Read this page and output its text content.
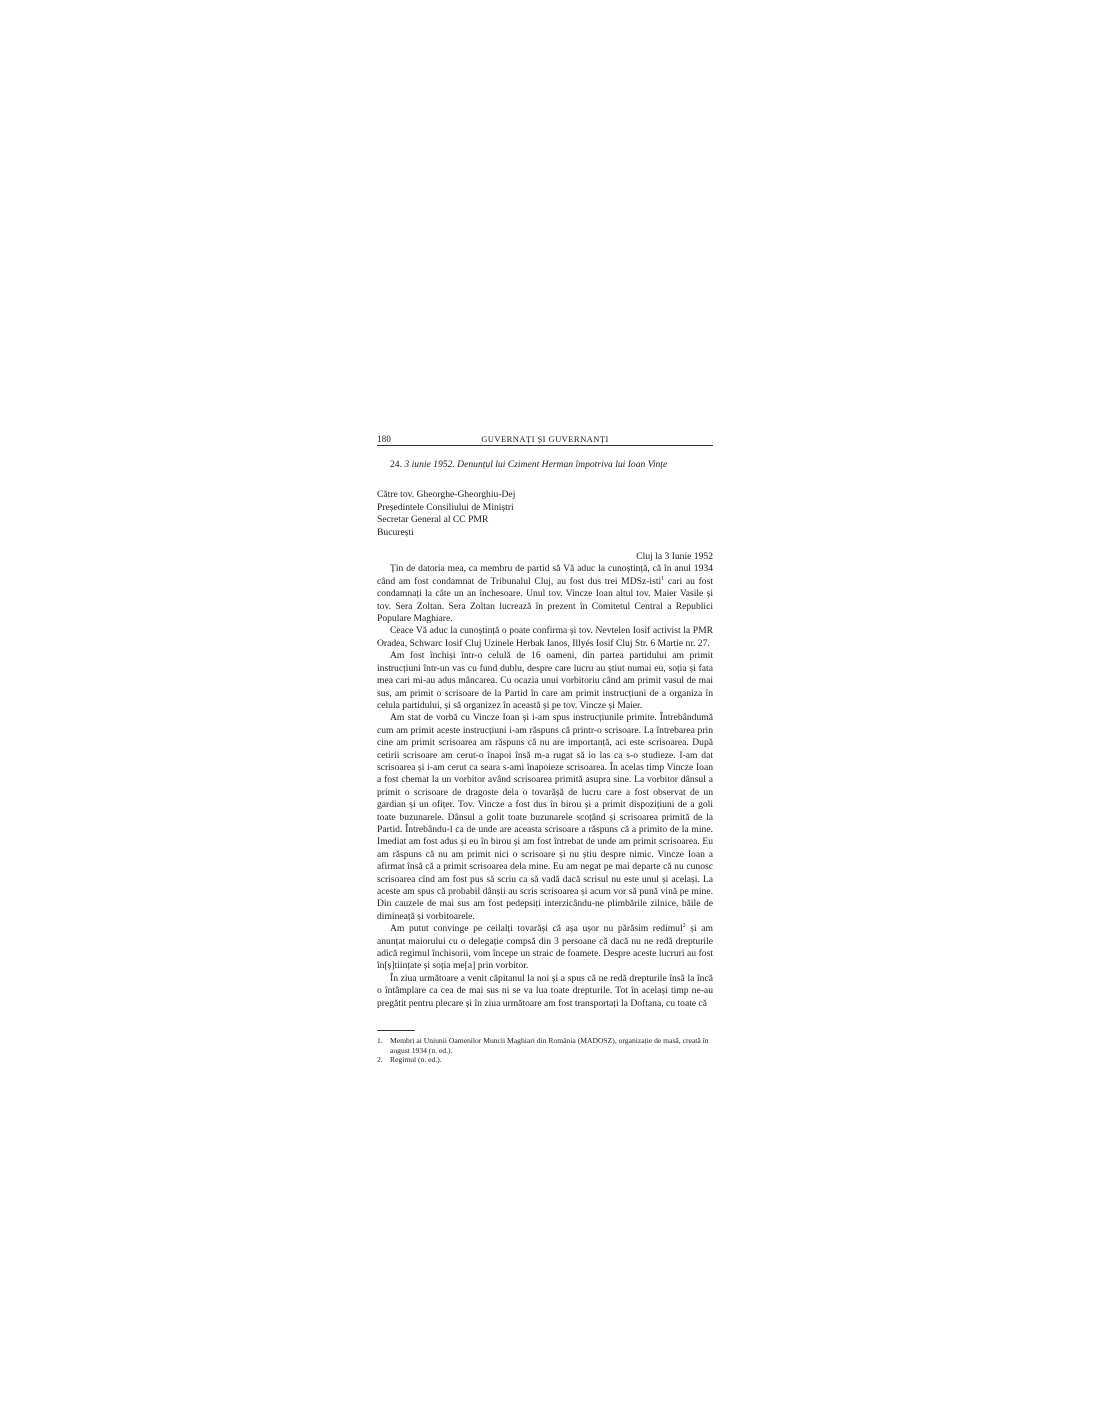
180	GUVERNAȚI ȘI GUVERNANȚI
24. 3 iunie 1952. Denunțul lui Cziment Herman împotriva lui Ioan Vințe
Către tov. Gheorghe-Gheorghiu-Dej
Președintele Consiliului de Miniștri
Secretar General al CC PMR
București
Cluj la 3 Iunie 1952

Țin de datoria mea, ca membru de partid să Vă aduc la cunoștință, că în anul 1934 când am fost condamnat de Tribunalul Cluj, au fost dus trei MDSz-isti$^1$ cari au fost condamnați la câte un an închesoare. Unul tov. Vincze Ioan altul tov. Maier Vasile și tov. Sera Zoltan. Sera Zoltan lucrează în prezent în Comitetul Central a Republici Populare Maghiare.

Ceace Vă aduc la cunoștință o poate confirma și tov. Nevtelen Iosif activist la PMR Oradea, Schwarc Iosif Cluj Uzinele Herbak Ianos, Illyés Iosif Cluj Str. 6 Martie nr. 27.

Am fost închiși într-o celulă de 16 oameni, din partea partidului am primit instrucțiuni într-un vas cu fund dublu, despre care lucru au știut numai eu, soția și fata mea cari mi-au adus mâncarea. Cu ocazia unui vorbitoriu când am primit vasul de mai sus, am primit o scrisoare de la Partid în care am primit instrucțiuni de a organiza în celula partidului, și să organizez în această și pe tov. Vincze și Maier.

Am stat de vorbă cu Vincze Ioan și i-am spus instrucțiunile primite. Întrebândumă cum am primit aceste instrucțiuni i-am răspuns că printr-o scrisoare. La întrebarea prin cine am primit scrisoarea am răspuns că nu are importanță, aci este scrisoarea. După cetirii scrisoare am cerut-o înapoi însă m-a rugat să io las ca s-o studieze. I-am dat scrisoarea și i-am cerut ca seara s-ami înapoieze scrisoarea. În acelas timp Vincze Ioan a fost chemat la un vorbitor având scrisoarea primită asupra sine. La vorbitor dânsul a primit o scrisoare de dragoste dela o tovarășă de lucru care a fost observat de un gardian și un ofițer. Tov. Vincze a fost dus în birou și a primit dispozițiuni de a goli toate buzunarele. Dânsul a golit toate buzunarele scoțând și scrisoarea primită de la Partid. Întrebându-l ca de unde are aceasta scrisoare a răspuns că a primito de la mine. Imediat am fost adus și eu în birou și am fost întrebat de unde am primit scrisoarea. Eu am răspuns că nu am primit nici o scrisoare și nu știu despre nimic. Vincze Ioan a afirmat însă că a primit scrisoarea dela mine. Eu am negat pe mai departe că nu cunosc scrisoarea cînd am fost pus să scriu ca să vadă dacă scrisul nu este unul și același. La aceste am spus că probabil dânșii au scris scrisoarea și acum vor să pună vină pe mine. Din cauzele de mai sus am fost pedepsiți interzicându-ne plimbările zilnice, băile de dimineață și vorbitoarele.

Am putut convinge pe ceilalți tovarăși că așa ușor nu părăsim redimul$^2$ și am anunțat maiorului cu o delegație compsă din 3 persoane că dacă nu ne redă drepturile adică regimul închisorii, vom începe un straic de foamete. Despre aceste lucruri au fost în[ș]tiințate și soția me[a] prin vorbitor.

În ziua următoare a venit căpitanul la noi și a spus că ne redă drepturile însă la încă o întâmplare ca cea de mai sus ni se va lua toate drepturile. Tot în același timp ne-au pregătit pentru plecare și în ziua următoare am fost transportați la Doftana, cu toate că

1. Membri ai Uniunii Oamenilor Muncii Maghiari din România (MADOSZ), organizație de masă, creată în august 1934 (n. ed.).
2. Regimul (n. ed.).
